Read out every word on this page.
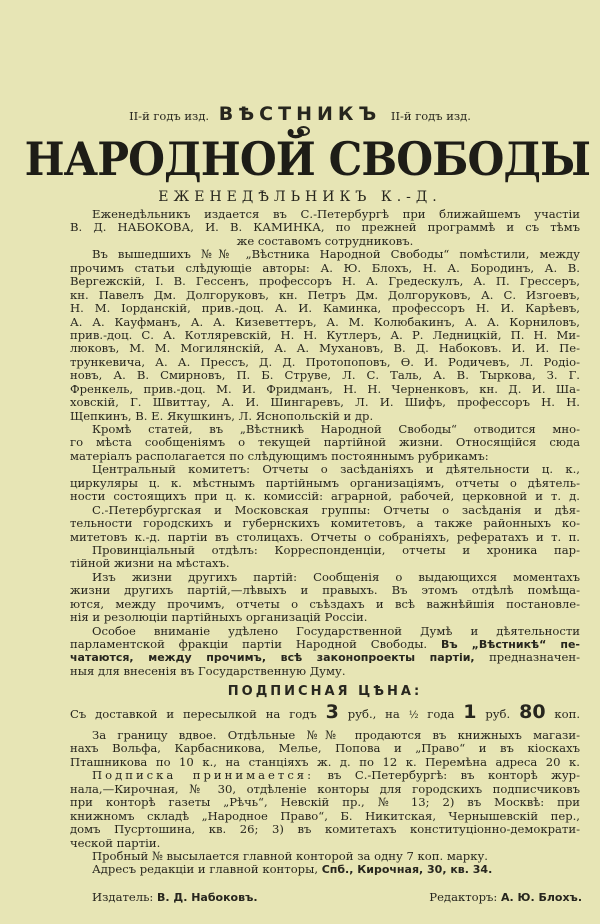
II-й годъ изд. ВѢСТНИКЪ II-й годъ изд.
НАРОДНОЙ СВОБОДЫ
ЕЖЕНЕДѢЛЬНИКЪ К.-Д.
Еженедѣльникъ издается въ С.-Петербургѣ при ближайшемъ участіи
В. Д. НАБОКОВА, И. В. КАМИНКА, по прежней программѣ и съ тѣмъ
же составомъ сотрудниковъ.
Въ вышедшихъ №№ „Вѣстника Народной Свободы“ помѣстили, между
прочимъ статьи слѣдующіе авторы: А. Ю. Блохъ, Н. А. Бородинъ, А. В.
Вергежскій, І. В. Гессенъ, профессоръ Н. А. Гредескулъ, А. П. Грессеръ,
кн. Павелъ Дм. Долгоруковъ, кн. Петръ Дм. Долгоруковъ, А. С. Изгоевъ,
Н. М. Іорданскій, прив.-доц. А. И. Каминка, профессоръ Н. И. Карѣевъ,
А. А. Кауфманъ, А. А. Кизеветтеръ, А. М. Колюбакинъ, А. А. Корниловъ,
прив.-доц. С. А. Котляревскій, Н. Н. Кутлеръ, А. Р. Ледницкій, П. Н. Ми-
люковъ, М. М. Могилянскій, А. А. Мухановъ, В. Д. Набоковъ. И. И. Пе-
трункевича, А. А. Прессъ, Д. Д. Протопоповъ, Ѳ. И. Родичевъ, Л. Родіо-
новъ, А. В. Смирновъ, П. Б. Струве, Л. С. Таль, А. В. Тыркова, З. Г.
Френкель, прив.-доц. М. И. Фридманъ, Н. Н. Черненковъ, кн. Д. И. Ша-
ховскій, Г. Швиттау, А. И. Шингаревъ, Л. И. Шифъ, профессоръ Н. Н.
Щепкинъ, В. Е. Якушкинъ, Л. Яснопольскій и др.
Кромѣ статей, въ „Вѣстникѣ Народной Свободы“ отводится мно-
го мѣста сообщеніямъ о текущей партійной жизни. Относящійся сюда
матеріалъ располагается по слѣдующимъ постояннымъ рубрикамъ:
Центральный комитетъ: Отчеты о засѣданіяхъ и дѣятельности ц. к.,
циркуляры ц. к. мѣстнымъ партійнымъ организаціямъ, отчеты о дѣятель-
ности состоящихъ при ц. к. комиссій: аграрной, рабочей, церковной и т. д.
С.-Петербургская и Московская группы: Отчеты о засѣданія и дѣя-
тельности городскихъ и губернскихъ комитетовъ, а также районныхъ ко-
митетовъ к.-д. партіи въ столицахъ. Отчеты о собраніяхъ, рефератахъ и т. п.
Провинціальный отдѣлъ: Корреспонденціи, отчеты и хроника пар-
тійной жизни на мѣстахъ.
Изъ жизни другихъ партій: Сообщенія о выдающихся моментахъ
жизни другихъ партій,—лѣвыхъ и правыхъ. Въ этомъ отдѣлѣ помѣща-
ются, между прочимъ, отчеты о съѣздахъ и всѣ важнѣйшія постановле-
нія и резолюціи партійныхъ организацій Россіи.
Особое вниманіе удѣлено Государственной Думѣ и дѣятельности
парламентской фракціи партіи Народной Свободы. Въ „Вѣстникѣ“ пе-
чатаются, между прочимъ, всѣ законопроекты партіи, предназначен-
ныя для внесенія въ Государственную Думу.
ПОДПИСНАЯ ЦѢНА:
Съ доставкой и пересылкой на годъ 3 руб., на ½ года 1 руб. 80 коп.
За границу вдвое. Отдѣльные №№ продаются въ книжныхъ магази-
нахъ Вольфа, Карбасникова, Мелье, Попова и „Право“ и въ кіоскахъ
Пташникова по 10 к., на станціяхъ ж. д. по 12 к. Перемѣна адреса 20 к.
Подписка принимается: въ С.-Петербургѣ: въ конторѣ жур-
нала,—Кирочная, № 30, отдѣленіе конторы для городскихъ подписчиковъ
при конторѣ газеты „Рѣчь“, Невскій пр., № 13; 2) въ Москвѣ: при
книжномъ складѣ „Народное Право“, Б. Никитская, Чернышевскій пер.,
домъ Пусртошина, кв. 26; 3) въ комитетахъ конституціонно-демократи-
ческой партіи.
Пробный № высылается главной конторой за одну 7 коп. марку.
Адресъ редакціи и главной конторы, Спб., Кирочная, 30, кв. 34.
Издатель: В. Д. Набоковъ.	Редакторъ: А. Ю. Блохъ.
